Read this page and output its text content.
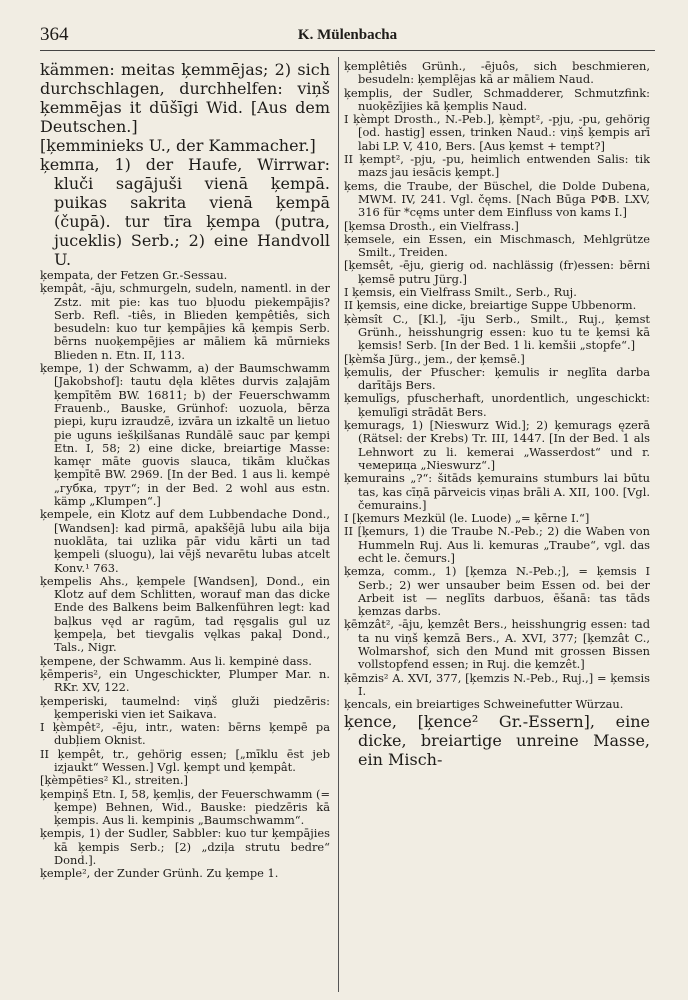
364	K. Mülenbacha

kämmen: meitas ķemmējas; 2) sich durchschlagen, durchhelfen: viņš ķemmējas it dūšīgi Wid. [Aus dem Deutschen.]

[ķemminieks U., der Kammacher.]

ķemпa, 1) der Haufe, Wirrwar: kluči sagājuši vienā ķempā. puikas sakrita vienā ķempā (čupā). tur tīra ķempa (putra, juceklis) Serb.; 2) eine Handvoll U.

ķempata, der Fetzen Gr.-Sessau.

ķempât, -āju, schmurgeln, sudeln, namentl. in der Zstz. mit pie: kas tuo bļuodu piekempājis? Serb. Refl. -tiês, in Blieden ķempêtiês, sich besudeln: kuo tur ķempājies kā ķempis Serb. bērns nuoķempējies ar māliem kā mūrnieks Blieden n. Etn. II, 113.

ķempe, 1) der Schwamm, a) der Baumschwamm [Jakobshof]: tautu dęla klētes durvis zaļajām ķempītēm BW. 16811; b) der Feuerschwamm Frauenb., Bauske, Grünhof: uozuola, bērza piepi, kuŗu izraudzē, izvāra un izkaltē un lietuo pie uguns iešķilšanas Rundālē sauc par ķempi Etn. I, 58; 2) eine dicke, breiartige Masse: kamęr māte guovis slauca, tikām klučkas ķempītē BW. 2969. [In der Bed. 1 aus li. kempė „губка, трут“; in der Bed. 2 wohl aus estn. kämp „Klumpen“.]

ķempele, ein Klotz auf dem Lubbendache Dond., [Wandsen]: kad pirmā, apakšējā lubu aila bija nuoklāta, tai uzlika pār vidu kārti un tad ķempeli (sluogu), lai vējš nevarētu lubas atcelt Konv.¹ 763.

ķempelis Ahs., ķempele [Wandsen], Dond., ein Klotz auf dem Schlitten, worauf man das dicke Ende des Balkens beim Balkenführen legt: kad baļkus vęd ar ragūm, tad ręsgalis gul uz ķempeļa, bet tievgalis vęlkas pakaļ Dond., Tals., Nigr.

ķempene, der Schwamm. Aus li. kempinė dass.

ķēmperis², ein Ungeschickter, Plumper Mar. n. RKr. XV, 122.

ķemperiski, taumelnd: viņš gluži piedzēris: ķemperiski vien iet Saikava.

I ķèmpêt², -ēju, intr., waten: bērns ķempē pa dubļiem Oknist.

II ķempêt, tr., gehörig essen; [„mīklu ēst jeb izjaukt“ Wessen.] Vgl. ķempt und ķempât.

[ķèmpēties² Kl., streiten.]

ķempiņš Etn. I, 58, ķemļis, der Feuerschwamm (= ķempe) Behnen, Wid., Bauske: piedzēris kā ķempis. Aus li. kempinis „Baumschwamm“.

ķempis, 1) der Sudler, Sabbler: kuo tur ķempājies kā ķempis Serb.; [2) „dziļa strutu bedre“ Dond.].

ķemple², der Zunder Grünh. Zu ķempe 1.

ķemplêtiês Grünh., -ējuôs, sich beschmieren, besudeln: ķemplējas kā ar māliem Naud.

ķemplis, der Sudler, Schmadderer, Schmutzfink: nuoķēzījies kā ķemplis Naud.

I ķèmpt Drosth., N.-Peb.], ķèmpt², -pju, -pu, gehörig [od. hastig] essen, trinken Naud.: viņš ķempis arī labi LP. V, 410, Bers. [Aus ķemst + tempt?]

II ķempt², -pju, -pu, heimlich entwenden Salis: tik mazs jau iesācis ķempt.]

ķems, die Traube, der Büschel, die Dolde Dubena, MWM. IV, 241. Vgl. čęms. [Nach Būga РФВ. LXV, 316 für *cęms unter dem Einfluss von kams I.]

[ķemsa Drosth., ein Vielfrass.]

ķemsele, ein Essen, ein Mischmasch, Mehlgrütze Smilt., Treiden.

[ķemsêt, -ēju, gierig od. nachlässig (fr)essen: bērni ķemsē putru Jürg.]

I ķemsis, ein Vielfrass Smilt., Serb., Ruj.

II ķemsis, eine dicke, breiartige Suppe Ubbenorm.

ķèmsît C., [Kl.], -īju Serb., Smilt., Ruj., ķemst Grünh., heisshungrig essen: kuo tu te ķemsi kā ķemsis! Serb. [In der Bed. 1 li. kemšii „stopfe“.]

[ķèmša Jürg., jem., der ķemsē.]

ķemulis, der Pfuscher: ķemulis ir neglīta darba darītājs Bers.

ķemulīgs, pfuscherhaft, unordentlich, ungeschickt: ķemulīgi strādāt Bers.

ķemurags, 1) [Nieswurz Wid.]; 2) ķemurags ęzerā (Rätsel: der Krebs) Tr. III, 1447. [In der Bed. 1 als Lehnwort zu li. kemerai „Wasserdost“ und r. чемерица „Nieswurz“.]

ķemurains „?“: šitāds ķemurains stumburs lai būtu tas, kas cīņā pārveicis viņas brāli A. XII, 100. [Vgl. čemurains.]

I [ķemurs Mezkül (le. Luode) „= ķērne I.“]

II [ķemurs, 1) die Traube N.-Peb.; 2) die Waben von Hummeln Ruj. Aus li. kemuras „Traube“, vgl. das echt le. čemurs.]

ķemza, comm., 1) [ķemza N.-Peb.;], = ķemsis I Serb.; 2) wer unsauber beim Essen od. bei der Arbeit ist — neglīts darbuos, ēšanā: tas tāds ķemzas darbs.

ķēmzât², -āju, ķemzêt Bers., heisshungrig essen: tad ta nu viņš ķemzā Bers., A. XVI, 377; [ķemzât C., Wolmarshof, sich den Mund mit grossen Bissen vollstopfend essen; in Ruj. die ķemzêt.]

ķēmzis² A. XVI, 377, [ķemzis N.-Peb., Ruj.,] = ķemsis I.

ķencals, ein breiartiges Schweinefutter Würzau.

ķence, [ķence² Gr.-Essern], eine dicke, breiartige unreine Masse, ein Misch-
